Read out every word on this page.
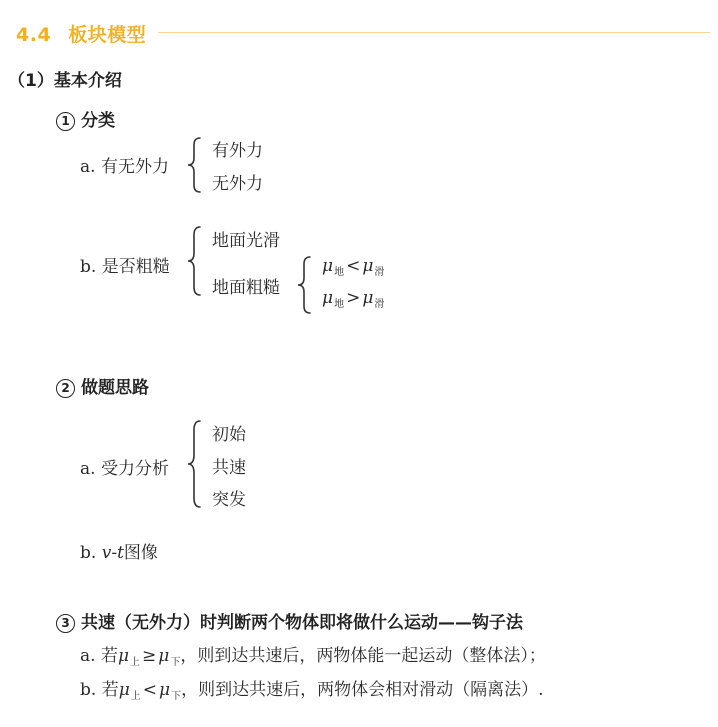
4.4 板块模型
（1）基本介绍
1 分类
a. 有无外力
有外力
无外力
b. 是否粗糙
地面光滑
地面粗糙
$\mu_地 < \mu_滑$
$\mu_地 > \mu_滑$
2 做题思路
a. 受力分析
初始
共速
突发
b. v-t图像
3 共速（无外力）时判断两个物体即将做什么运动——钩子法
a. 若$\mu_上 \ge \mu_下$，则到达共速后，两物体能一起运动（整体法）；
b. 若$\mu_上 < \mu_下$，则到达共速后，两物体会相对滑动（隔离法）.
